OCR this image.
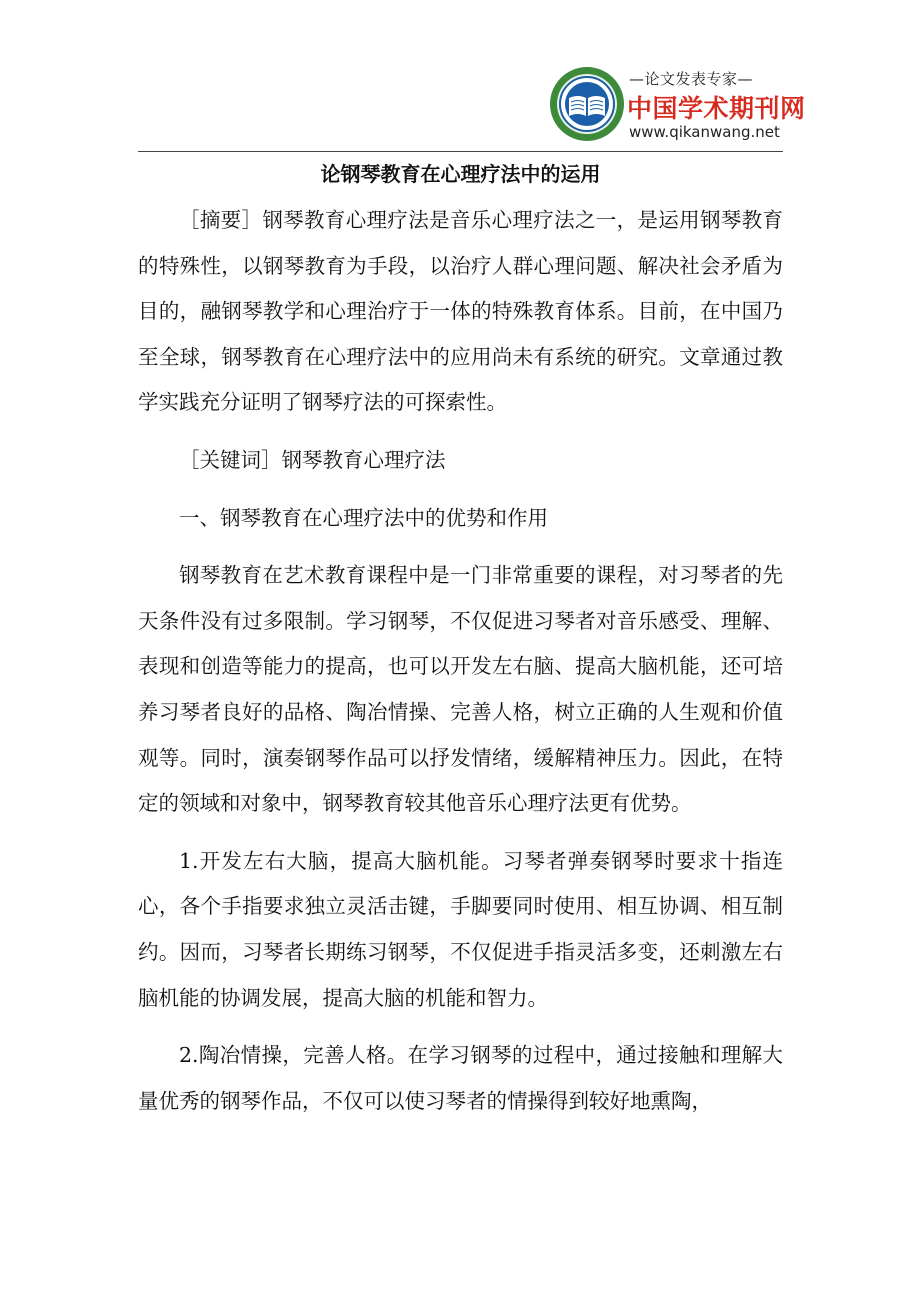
—论文发表专家—
中国学术期刊网
www.qikanwang.net
论钢琴教育在心理疗法中的运用

［摘要］钢琴教育心理疗法是音乐心理疗法之一，是运用钢琴教育的特殊性，以钢琴教育为手段，以治疗人群心理问题、解决社会矛盾为目的，融钢琴教学和心理治疗于一体的特殊教育体系。目前，在中国乃至全球，钢琴教育在心理疗法中的应用尚未有系统的研究。文章通过教学实践充分证明了钢琴疗法的可探索性。

［关键词］钢琴教育心理疗法

一、钢琴教育在心理疗法中的优势和作用

钢琴教育在艺术教育课程中是一门非常重要的课程，对习琴者的先天条件没有过多限制。学习钢琴，不仅促进习琴者对音乐感受、理解、表现和创造等能力的提高，也可以开发左右脑、提高大脑机能，还可培养习琴者良好的品格、陶冶情操、完善人格，树立正确的人生观和价值观等。同时，演奏钢琴作品可以抒发情绪，缓解精神压力。因此，在特定的领域和对象中，钢琴教育较其他音乐心理疗法更有优势。

1.开发左右大脑，提高大脑机能。习琴者弹奏钢琴时要求十指连心，各个手指要求独立灵活击键，手脚要同时使用、相互协调、相互制约。因而，习琴者长期练习钢琴，不仅促进手指灵活多变，还刺激左右脑机能的协调发展，提高大脑的机能和智力。

2.陶冶情操，完善人格。在学习钢琴的过程中，通过接触和理解大量优秀的钢琴作品，不仅可以使习琴者的情操得到较好地熏陶，
